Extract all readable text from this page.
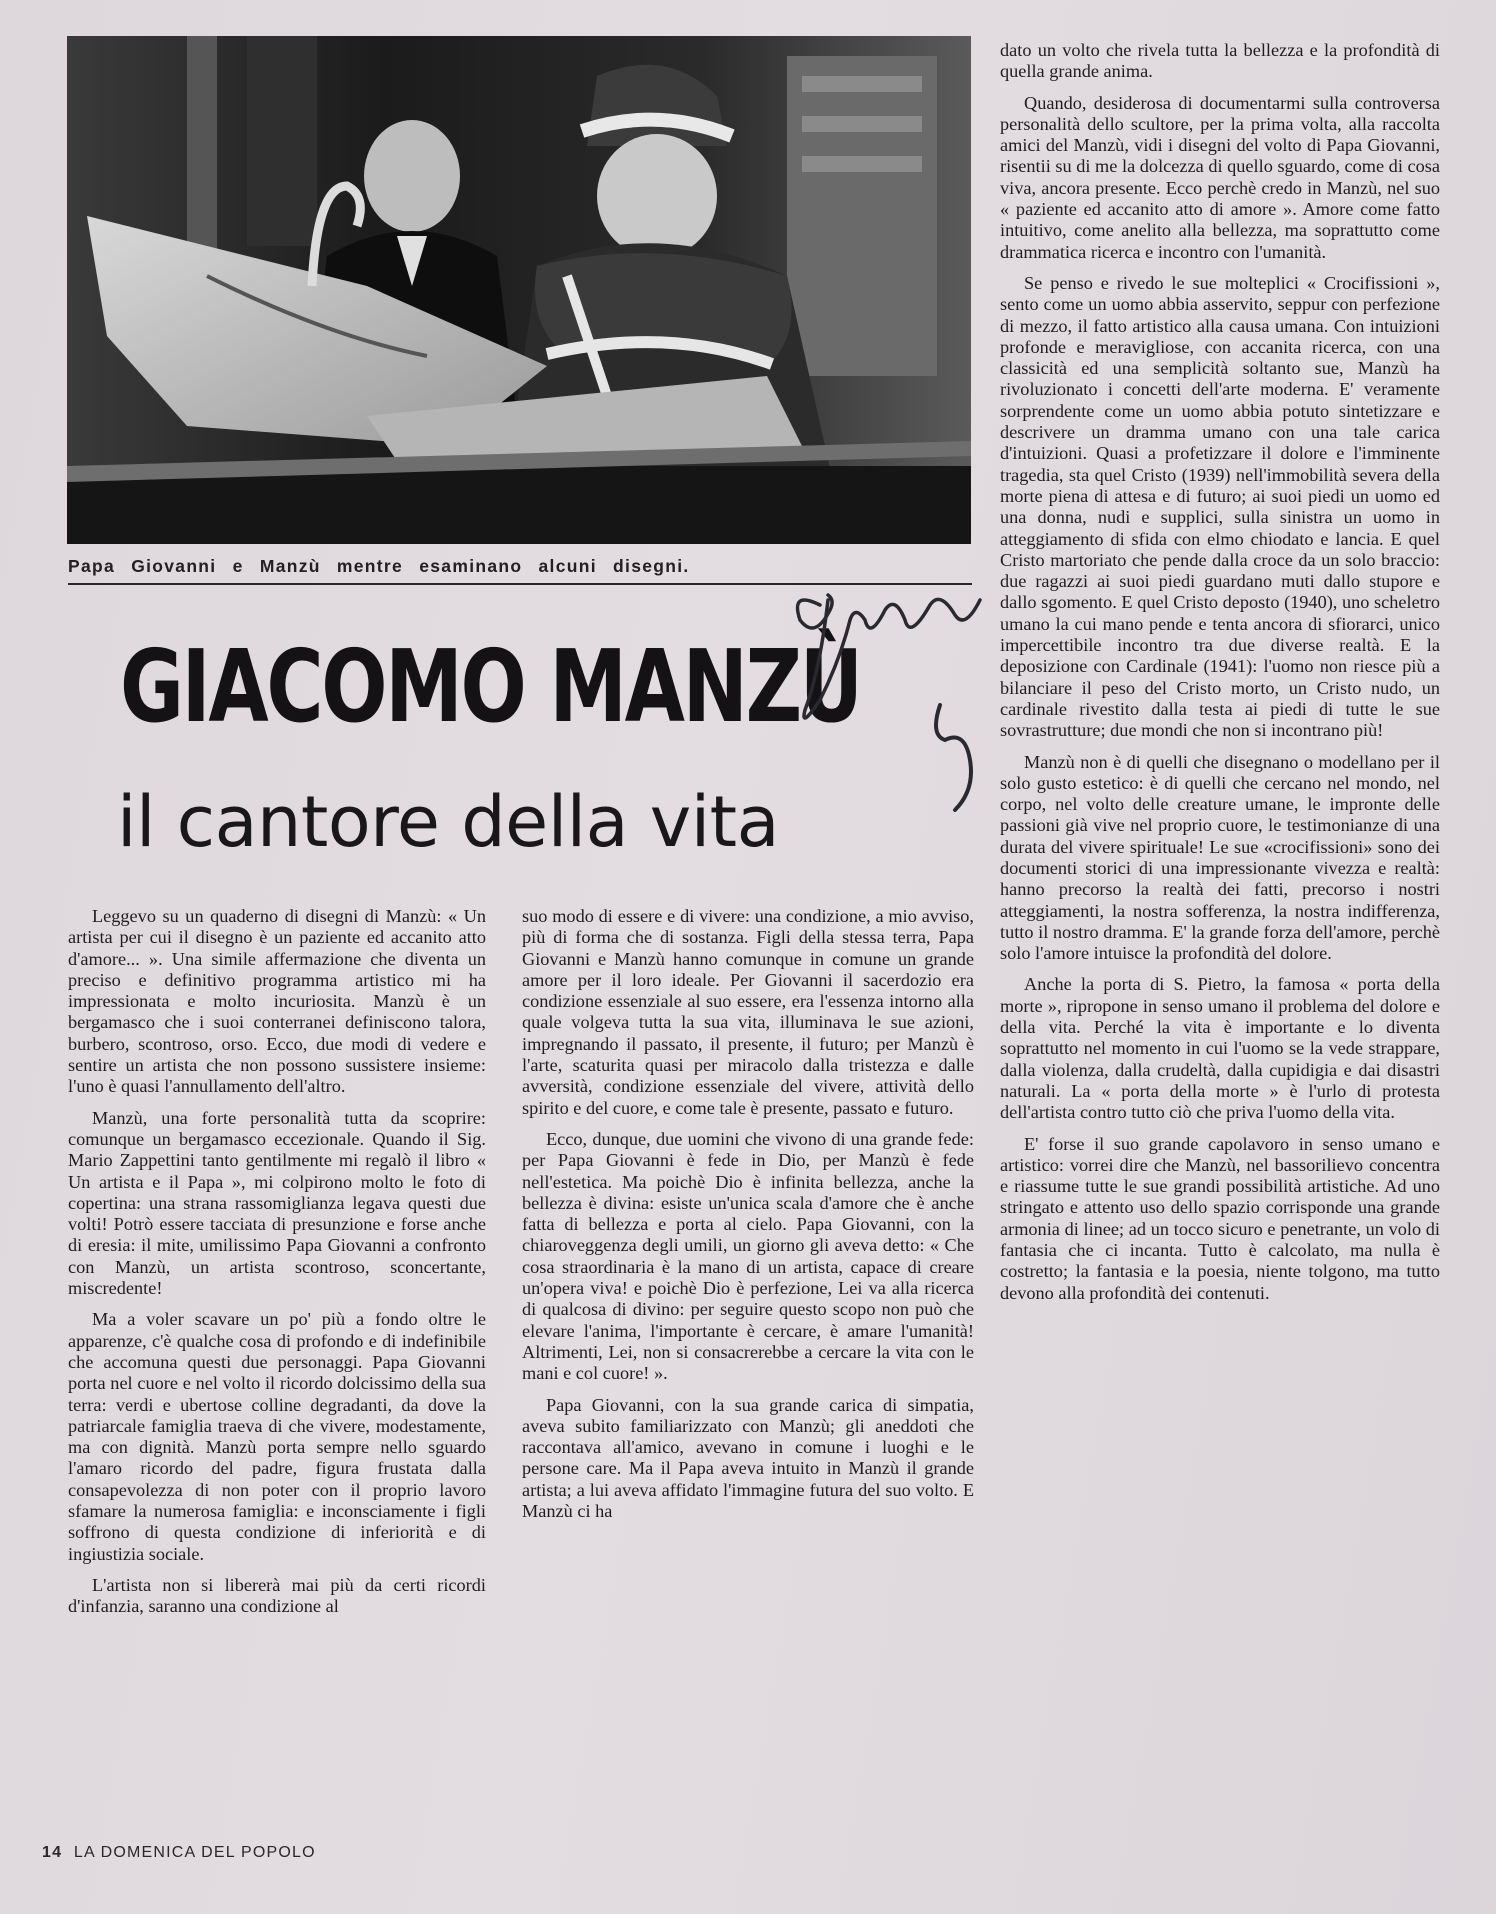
Papa Giovanni e Manzù mentre esaminano alcuni disegni.
GIACOMO MANZÙ
il cantore della vita

Leggevo su un quaderno di disegni di Manzù: « Un artista per cui il disegno è un paziente ed accanito atto d'amore... ». Una simile affermazione che diventa un preciso e definitivo programma artistico mi ha impressionata e molto incuriosita. Manzù è un bergamasco che i suoi conterranei definiscono talora, burbero, scontroso, orso. Ecco, due modi di vedere e sentire un artista che non possono sussistere insieme: l'uno è quasi l'annullamento dell'altro.

Manzù, una forte personalità tutta da scoprire: comunque un bergamasco eccezionale. Quando il Sig. Mario Zappettini tanto gentilmente mi regalò il libro « Un artista e il Papa », mi colpirono molto le foto di copertina: una strana rassomiglianza legava questi due volti! Potrò essere tacciata di presunzione e forse anche di eresia: il mite, umilissimo Papa Giovanni a confronto con Manzù, un artista scontroso, sconcertante, miscredente!

Ma a voler scavare un po' più a fondo oltre le apparenze, c'è qualche cosa di profondo e di indefinibile che accomuna questi due personaggi. Papa Giovanni porta nel cuore e nel volto il ricordo dolcissimo della sua terra: verdi e ubertose colline degradanti, da dove la patriarcale famiglia traeva di che vivere, modestamente, ma con dignità. Manzù porta sempre nello sguardo l'amaro ricordo del padre, figura frustata dalla consapevolezza di non poter con il proprio lavoro sfamare la numerosa famiglia: e inconsciamente i figli soffrono di questa condizione di inferiorità e di ingiustizia sociale.

L'artista non si libererà mai più da certi ricordi d'infanzia, saranno una condizione al

suo modo di essere e di vivere: una condizione, a mio avviso, più di forma che di sostanza. Figli della stessa terra, Papa Giovanni e Manzù hanno comunque in comune un grande amore per il loro ideale. Per Giovanni il sacerdozio era condizione essenziale al suo essere, era l'essenza intorno alla quale volgeva tutta la sua vita, illuminava le sue azioni, impregnando il passato, il presente, il futuro; per Manzù è l'arte, scaturita quasi per miracolo dalla tristezza e dalle avversità, condizione essenziale del vivere, attività dello spirito e del cuore, e come tale è presente, passato e futuro.

Ecco, dunque, due uomini che vivono di una grande fede: per Papa Giovanni è fede in Dio, per Manzù è fede nell'estetica. Ma poichè Dio è infinita bellezza, anche la bellezza è divina: esiste un'unica scala d'amore che è anche fatta di bellezza e porta al cielo. Papa Giovanni, con la chiaroveggenza degli umili, un giorno gli aveva detto: « Che cosa straordinaria è la mano di un artista, capace di creare un'opera viva! e poichè Dio è perfezione, Lei va alla ricerca di qualcosa di divino: per seguire questo scopo non può che elevare l'anima, l'importante è cercare, è amare l'umanità! Altrimenti, Lei, non si consacrerebbe a cercare la vita con le mani e col cuore! ».

Papa Giovanni, con la sua grande carica di simpatia, aveva subito familiarizzato con Manzù; gli aneddoti che raccontava all'amico, avevano in comune i luoghi e le persone care. Ma il Papa aveva intuito in Manzù il grande artista; a lui aveva affidato l'immagine futura del suo volto. E Manzù ci ha

dato un volto che rivela tutta la bellezza e la profondità di quella grande anima.

Quando, desiderosa di documentarmi sulla controversa personalità dello scultore, per la prima volta, alla raccolta amici del Manzù, vidi i disegni del volto di Papa Giovanni, risentii su di me la dolcezza di quello sguardo, come di cosa viva, ancora presente. Ecco perchè credo in Manzù, nel suo « paziente ed accanito atto di amore ». Amore come fatto intuitivo, come anelito alla bellezza, ma soprattutto come drammatica ricerca e incontro con l'umanità.

Se penso e rivedo le sue molteplici « Crocifissioni », sento come un uomo abbia asservito, seppur con perfezione di mezzo, il fatto artistico alla causa umana. Con intuizioni profonde e meravigliose, con accanita ricerca, con una classicità ed una semplicità soltanto sue, Manzù ha rivoluzionato i concetti dell'arte moderna. E' veramente sorprendente come un uomo abbia potuto sintetizzare e descrivere un dramma umano con una tale carica d'intuizioni. Quasi a profetizzare il dolore e l'imminente tragedia, sta quel Cristo (1939) nell'immobilità severa della morte piena di attesa e di futuro; ai suoi piedi un uomo ed una donna, nudi e supplici, sulla sinistra un uomo in atteggiamento di sfida con elmo chiodato e lancia. E quel Cristo martoriato che pende dalla croce da un solo braccio: due ragazzi ai suoi piedi guardano muti dallo stupore e dallo sgomento. E quel Cristo deposto (1940), uno scheletro umano la cui mano pende e tenta ancora di sfiorarci, unico impercettibile incontro tra due diverse realtà. E la deposizione con Cardinale (1941): l'uomo non riesce più a bilanciare il peso del Cristo morto, un Cristo nudo, un cardinale rivestito dalla testa ai piedi di tutte le sue sovrastrutture; due mondi che non si incontrano più!

Manzù non è di quelli che disegnano o modellano per il solo gusto estetico: è di quelli che cercano nel mondo, nel corpo, nel volto delle creature umane, le impronte delle passioni già vive nel proprio cuore, le testimonianze di una durata del vivere spirituale! Le sue «crocifissioni» sono dei documenti storici di una impressionante vivezza e realtà: hanno precorso la realtà dei fatti, precorso i nostri atteggiamenti, la nostra sofferenza, la nostra indifferenza, tutto il nostro dramma. E' la grande forza dell'amore, perchè solo l'amore intuisce la profondità del dolore.

Anche la porta di S. Pietro, la famosa « porta della morte », ripropone in senso umano il problema del dolore e della vita. Perché la vita è importante e lo diventa soprattutto nel momento in cui l'uomo se la vede strappare, dalla violenza, dalla crudeltà, dalla cupidigia e dai disastri naturali. La « porta della morte » è l'urlo di protesta dell'artista contro tutto ciò che priva l'uomo della vita.

E' forse il suo grande capolavoro in senso umano e artistico: vorrei dire che Manzù, nel bassorilievo concentra e riassume tutte le sue grandi possibilità artistiche. Ad uno stringato e attento uso dello spazio corrisponde una grande armonia di linee; ad un tocco sicuro e penetrante, un volo di fantasia che ci incanta. Tutto è calcolato, ma nulla è costretto; la fantasia e la poesia, niente tolgono, ma tutto devono alla profondità dei contenuti.

14 LA DOMENICA DEL POPOLO
